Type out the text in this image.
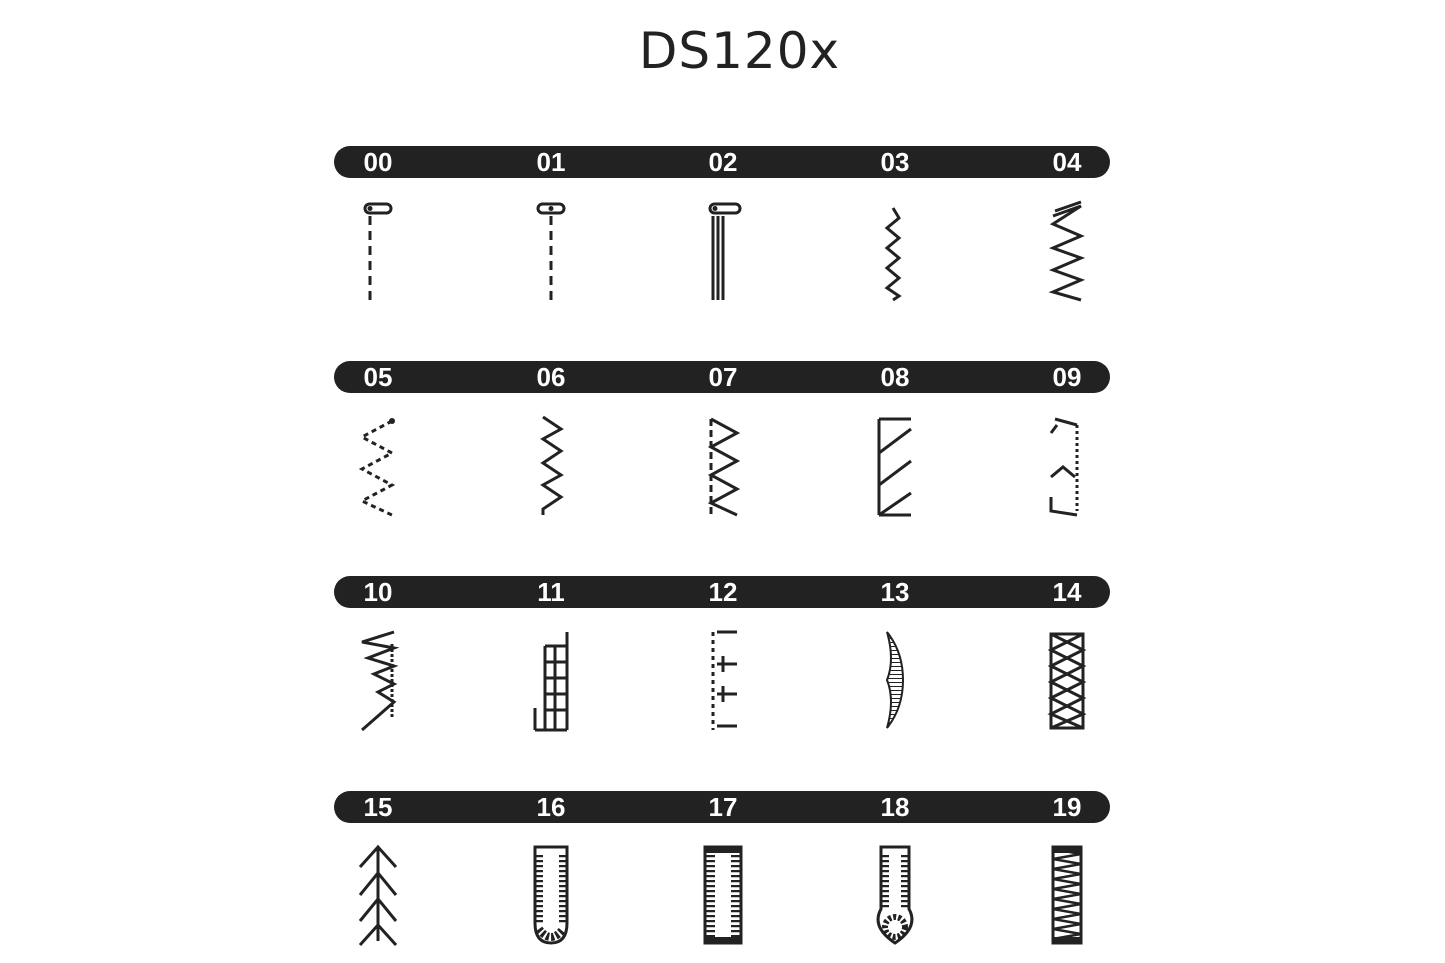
DS120x
00	01	02	03	04
05	06	07	08	09
10	11	12	13	14
15	16	17	18	19
